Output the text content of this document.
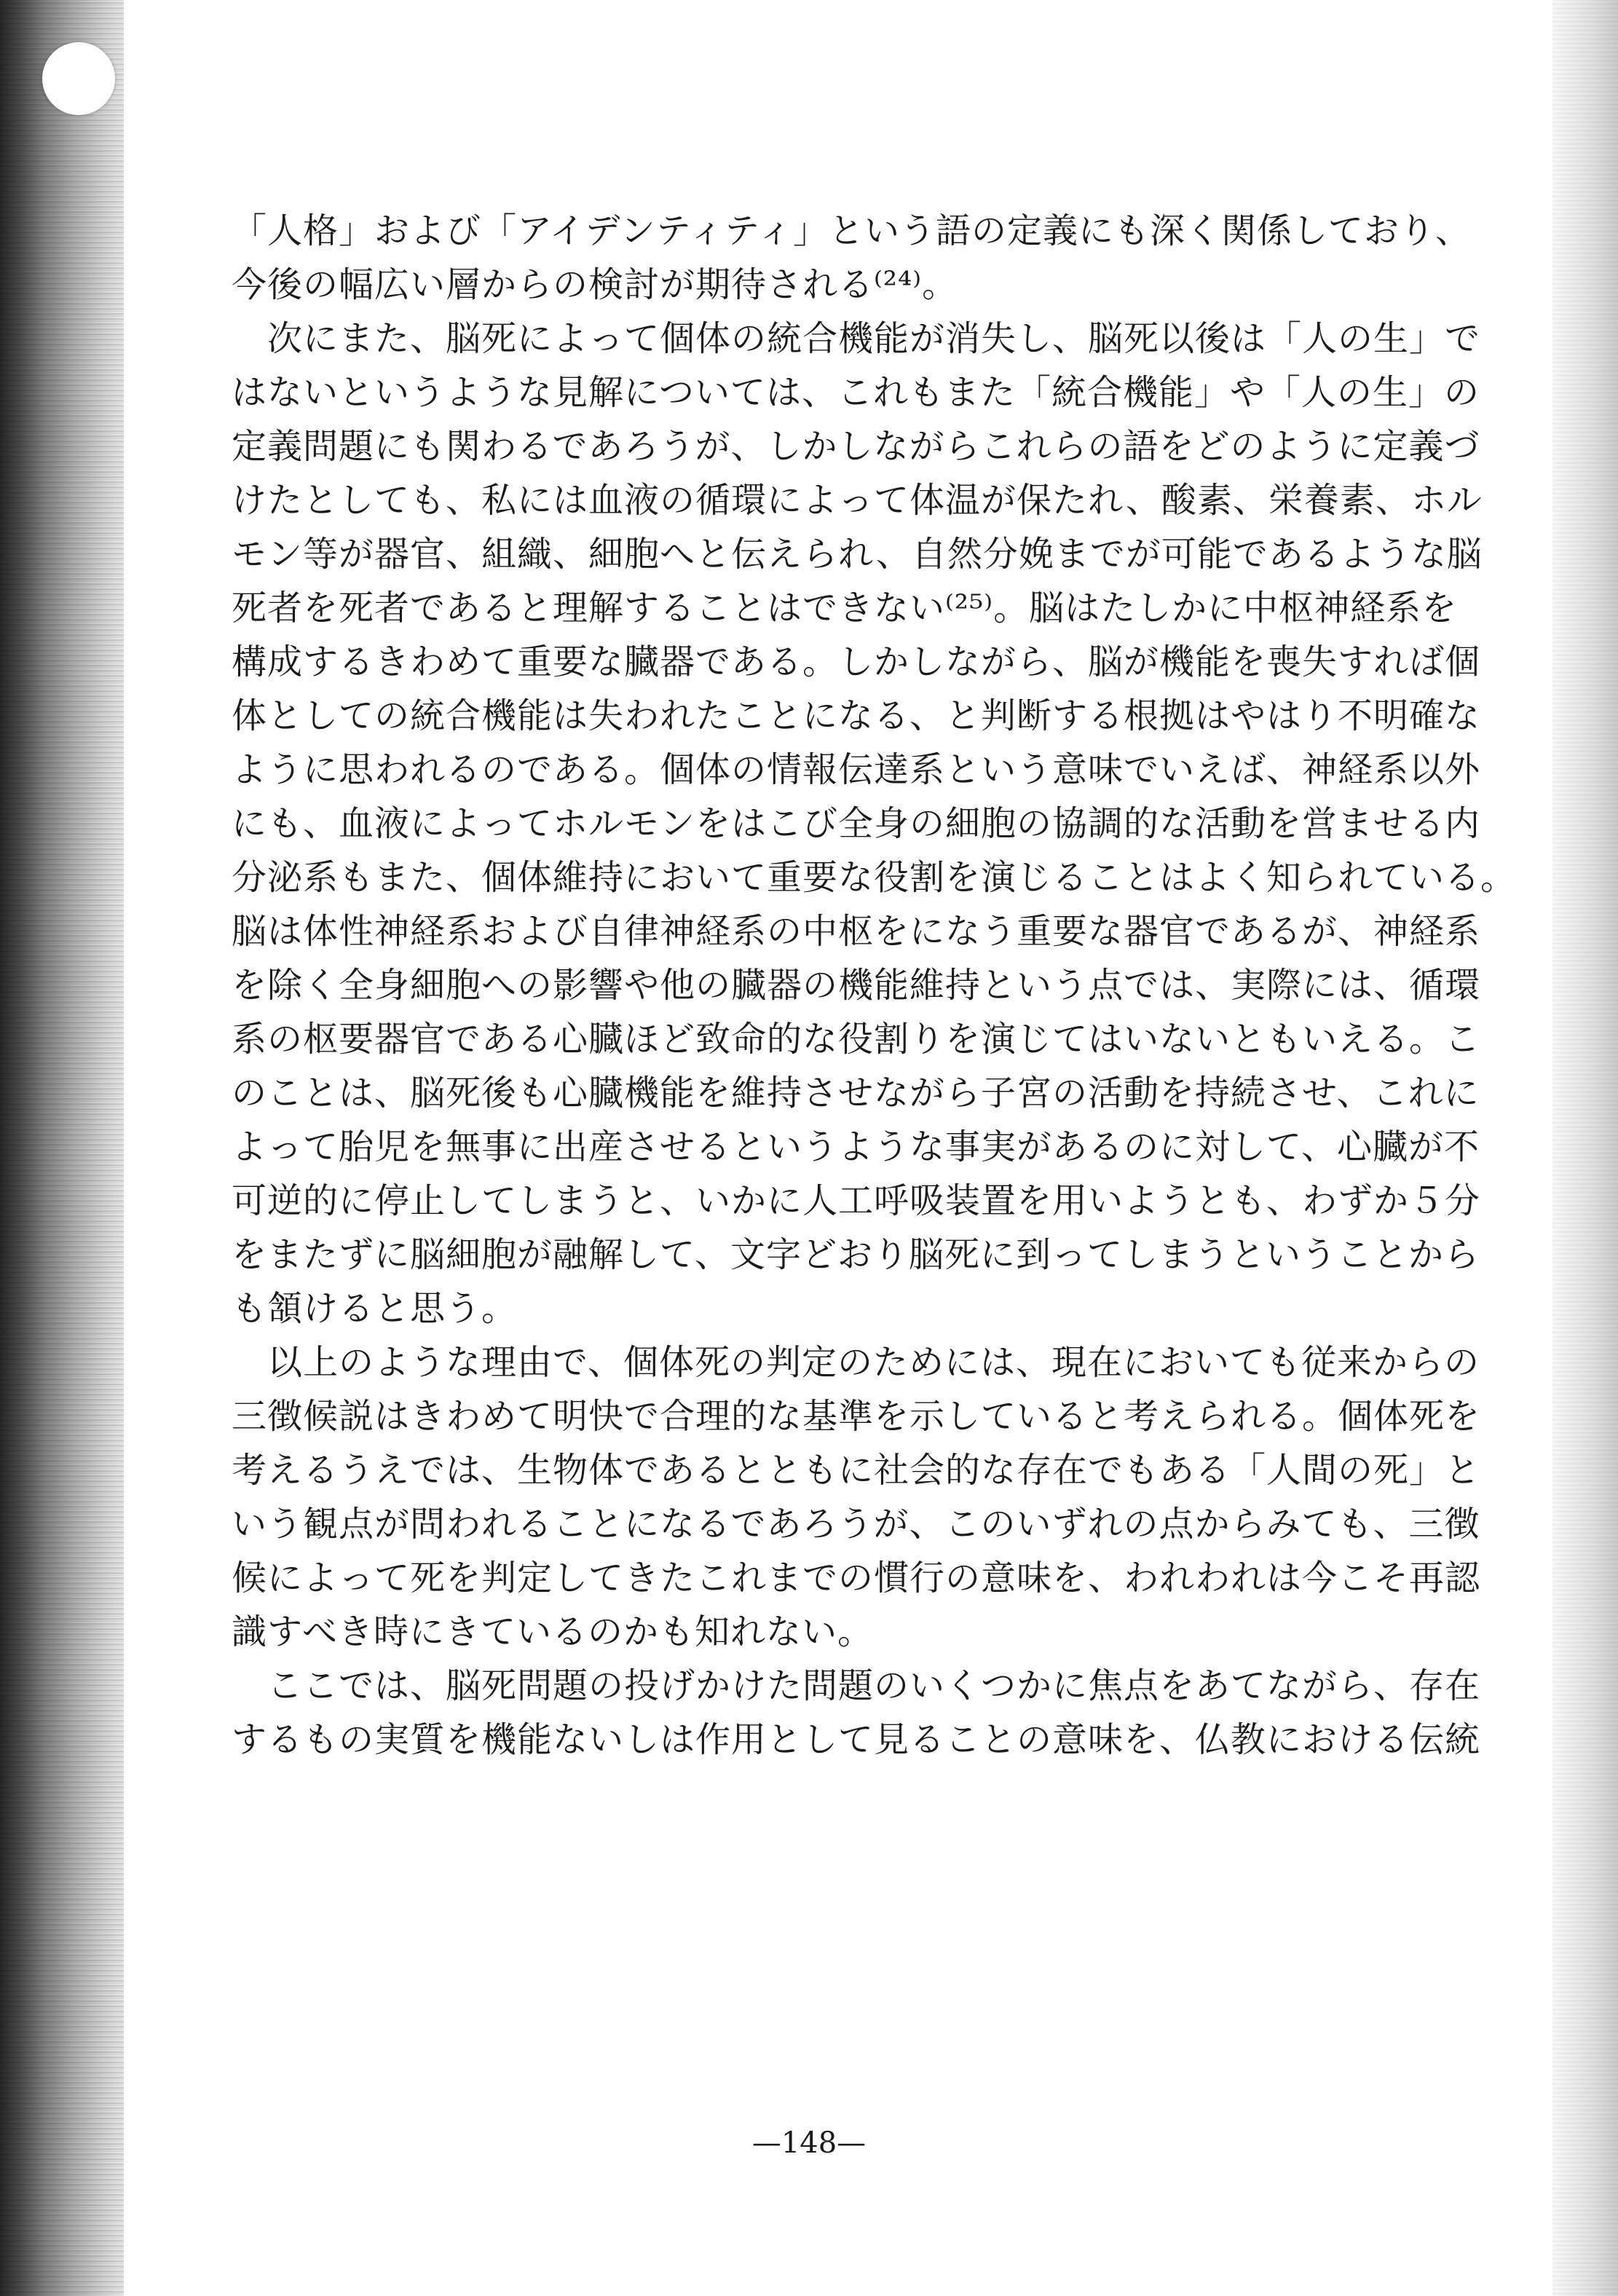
「人格」および「アイデンティティ」という語の定義にも深く関係しており、
今後の幅広い層からの検討が期待される⁽²⁴⁾。
　次にまた、脳死によって個体の統合機能が消失し、脳死以後は「人の生」で
はないというような見解については、これもまた「統合機能」や「人の生」の
定義問題にも関わるであろうが、しかしながらこれらの語をどのように定義づ
けたとしても、私には血液の循環によって体温が保たれ、酸素、栄養素、ホル
モン等が器官、組織、細胞へと伝えられ、自然分娩までが可能であるような脳
死者を死者であると理解することはできない⁽²⁵⁾。脳はたしかに中枢神経系を
構成するきわめて重要な臓器である。しかしながら、脳が機能を喪失すれば個
体としての統合機能は失われたことになる、と判断する根拠はやはり不明確な
ように思われるのである。個体の情報伝達系という意味でいえば、神経系以外
にも、血液によってホルモンをはこび全身の細胞の協調的な活動を営ませる内
分泌系もまた、個体維持において重要な役割を演じることはよく知られている。
脳は体性神経系および自律神経系の中枢をになう重要な器官であるが、神経系
を除く全身細胞への影響や他の臓器の機能維持という点では、実際には、循環
系の枢要器官である心臓ほど致命的な役割りを演じてはいないともいえる。こ
のことは、脳死後も心臓機能を維持させながら子宮の活動を持続させ、これに
よって胎児を無事に出産させるというような事実があるのに対して、心臓が不
可逆的に停止してしまうと、いかに人工呼吸装置を用いようとも、わずか５分
をまたずに脳細胞が融解して、文字どおり脳死に到ってしまうということから
も頷けると思う。
　以上のような理由で、個体死の判定のためには、現在においても従来からの
三徴候説はきわめて明快で合理的な基準を示していると考えられる。個体死を
考えるうえでは、生物体であるとともに社会的な存在でもある「人間の死」と
いう観点が問われることになるであろうが、このいずれの点からみても、三徴
候によって死を判定してきたこれまでの慣行の意味を、われわれは今こそ再認
識すべき時にきているのかも知れない。
　ここでは、脳死問題の投げかけた問題のいくつかに焦点をあてながら、存在
するもの実質を機能ないしは作用として見ることの意味を、仏教における伝統
—148—
